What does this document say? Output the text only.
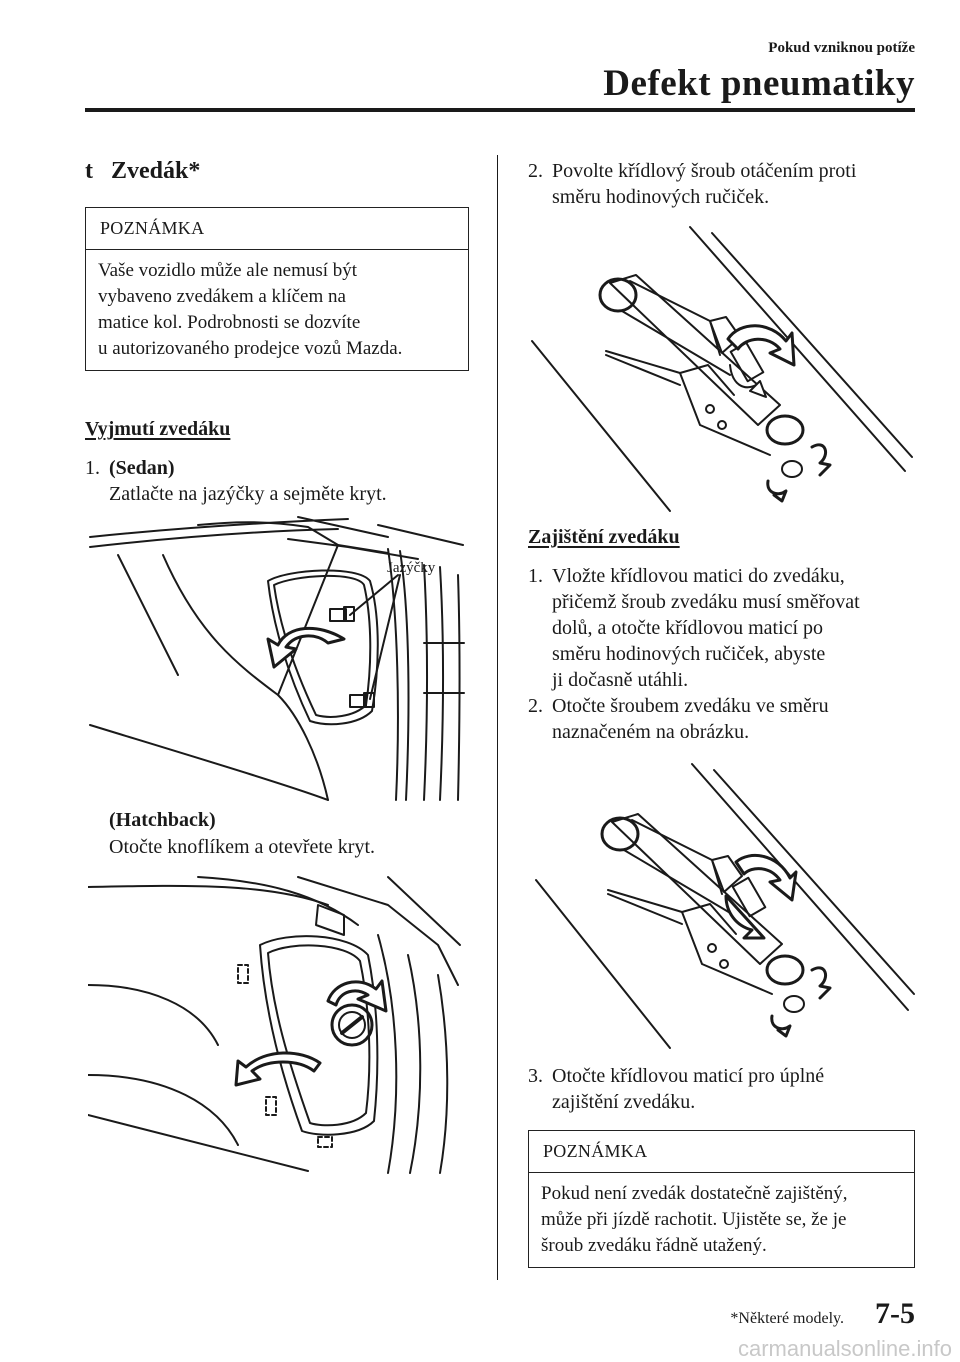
Pokud vzniknou potíže
Defekt pneumatiky
t Zvedák*
POZNÁMKA
Vaše vozidlo může ale nemusí být
vybaveno zvedákem a klíčem na
matice kol. Podrobnosti se dozvíte
u autorizovaného prodejce vozů Mazda.
Vyjmutí zvedáku
1. (Sedan)
Zatlačte na jazýčky a sejměte kryt.
Jazýčky
(Hatchback)
Otočte knoflíkem a otevřete kryt.
2. Povolte křídlový šroub otáčením proti
směru hodinových ručiček.
Zajištění zvedáku
1. Vložte křídlovou matici do zvedáku,
přičemž šroub zvedáku musí směřovat
dolů, a otočte křídlovou maticí po
směru hodinových ručiček, abyste
ji dočasně utáhli.
2. Otočte šroubem zvedáku ve směru
naznačeném na obrázku.
3. Otočte křídlovou maticí pro úplné
zajištění zvedáku.
POZNÁMKA
Pokud není zvedák dostatečně zajištěný,
může při jízdě rachotit. Ujistěte se, že je
šroub zvedáku řádně utažený.
*Některé modely. 7-5
carmanualsonline.info
